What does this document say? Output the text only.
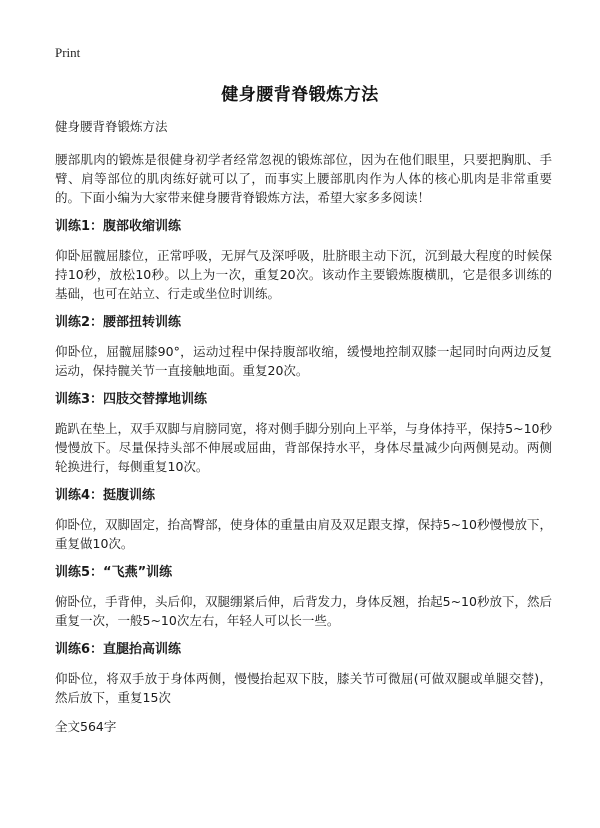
Print
健身腰背脊锻炼方法
健身腰背脊锻炼方法
腰部肌肉的锻炼是很健身初学者经常忽视的锻炼部位，因为在他们眼里，只要把胸肌、手臂、肩等部位的肌肉练好就可以了，而事实上腰部肌肉作为人体的核心肌肉是非常重要的。下面小编为大家带来健身腰背脊锻炼方法，希望大家多多阅读！
训练1：腹部收缩训练
仰卧屈髋屈膝位，正常呼吸，无屏气及深呼吸，肚脐眼主动下沉，沉到最大程度的时候保持10秒，放松10秒。以上为一次，重复20次。该动作主要锻炼腹横肌，它是很多训练的基础，也可在站立、行走或坐位时训练。
训练2：腰部扭转训练
仰卧位，屈髋屈膝90°，运动过程中保持腹部收缩，缓慢地控制双膝一起同时向两边反复运动，保持髋关节一直接触地面。重复20次。
训练3：四肢交替撑地训练
跪趴在垫上，双手双脚与肩膀同宽，将对侧手脚分别向上平举，与身体持平，保持5~10秒慢慢放下。尽量保持头部不伸展或屈曲，背部保持水平，身体尽量减少向两侧晃动。两侧轮换进行，每侧重复10次。
训练4：挺腹训练
仰卧位，双脚固定，抬高臀部，使身体的重量由肩及双足跟支撑，保持5~10秒慢慢放下，重复做10次。
训练5：“飞燕”训练
俯卧位，手背伸，头后仰，双腿绷紧后伸，后背发力，身体反翘，抬起5~10秒放下，然后重复一次，一般5~10次左右，年轻人可以长一些。
训练6：直腿抬高训练
仰卧位，将双手放于身体两侧，慢慢抬起双下肢，膝关节可微屈(可做双腿或单腿交替)，然后放下，重复15次
全文564字
